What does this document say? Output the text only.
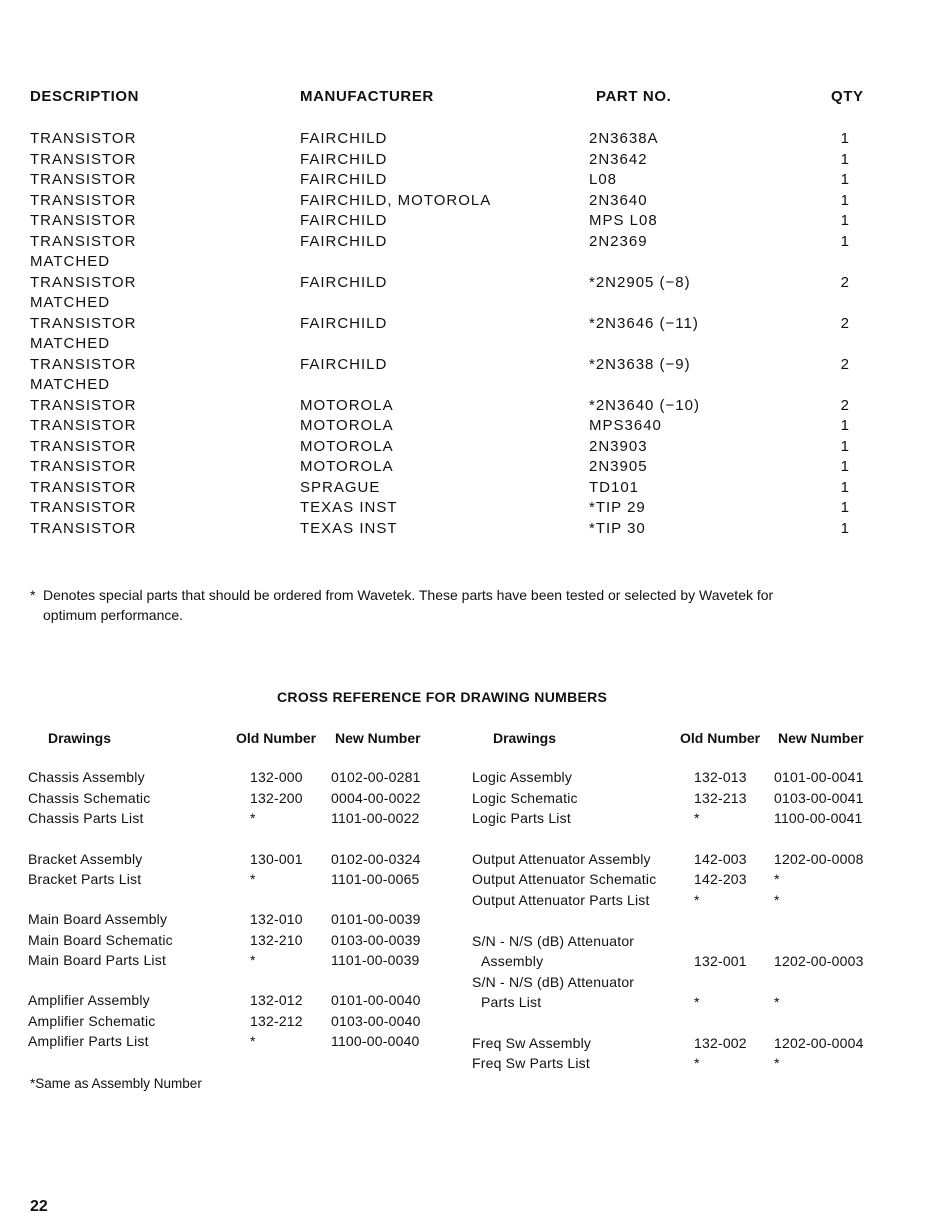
DESCRIPTION	MANUFACTURER	PART NO.	QTY
TRANSISTOR	FAIRCHILD	2N3638A	1
TRANSISTOR	FAIRCHILD	2N3642	1
TRANSISTOR	FAIRCHILD	L08	1
TRANSISTOR	FAIRCHILD, MOTOROLA	2N3640	1
TRANSISTOR	FAIRCHILD	MPS L08	1
TRANSISTOR	FAIRCHILD	2N2369	1
MATCHED
TRANSISTOR	FAIRCHILD	*2N2905 (−8)	2
MATCHED
TRANSISTOR	FAIRCHILD	*2N3646 (−11)	2
MATCHED
TRANSISTOR	FAIRCHILD	*2N3638 (−9)	2
MATCHED
TRANSISTOR	MOTOROLA	*2N3640 (−10)	2
TRANSISTOR	MOTOROLA	MPS3640	1
TRANSISTOR	MOTOROLA	2N3903	1
TRANSISTOR	MOTOROLA	2N3905	1
TRANSISTOR	SPRAGUE	TD101	1
TRANSISTOR	TEXAS INST	*TIP 29	1
TRANSISTOR	TEXAS INST	*TIP 30	1
* Denotes special parts that should be ordered from Wavetek. These parts have been tested or selected by Wavetek for
optimum performance.
CROSS REFERENCE FOR DRAWING NUMBERS
Drawings	Old Number New Number	Drawings	Old Number New Number
Chassis Assembly	132-000 0102-00-0281
Chassis Schematic	132-200 0004-00-0022
Chassis Parts List	*	1101-00-0022
Bracket Assembly	130-001 0102-00-0324
Bracket Parts List	*	1101-00-0065
Main Board Assembly	132-010 0101-00-0039
Main Board Schematic	132-210 0103-00-0039
Main Board Parts List	*	1101-00-0039
Amplifier Assembly	132-012 0101-00-0040
Amplifier Schematic	132-212 0103-00-0040
Amplifier Parts List	*	1100-00-0040
Logic Assembly	132-013 0101-00-0041
Logic Schematic	132-213 0103-00-0041
Logic Parts List	*	1100-00-0041
Output Attenuator Assembly	142-003 1202-00-0008
Output Attenuator Schematic	142-203 *
Output Attenuator Parts List	*	*
S/N - N/S (dB) Attenuator
Assembly	132-001 1202-00-0003
S/N - N/S (dB) Attenuator
Parts List	*	*
Freq Sw Assembly	132-002 1202-00-0004
Freq Sw Parts List	*	*
*Same as Assembly Number
22
